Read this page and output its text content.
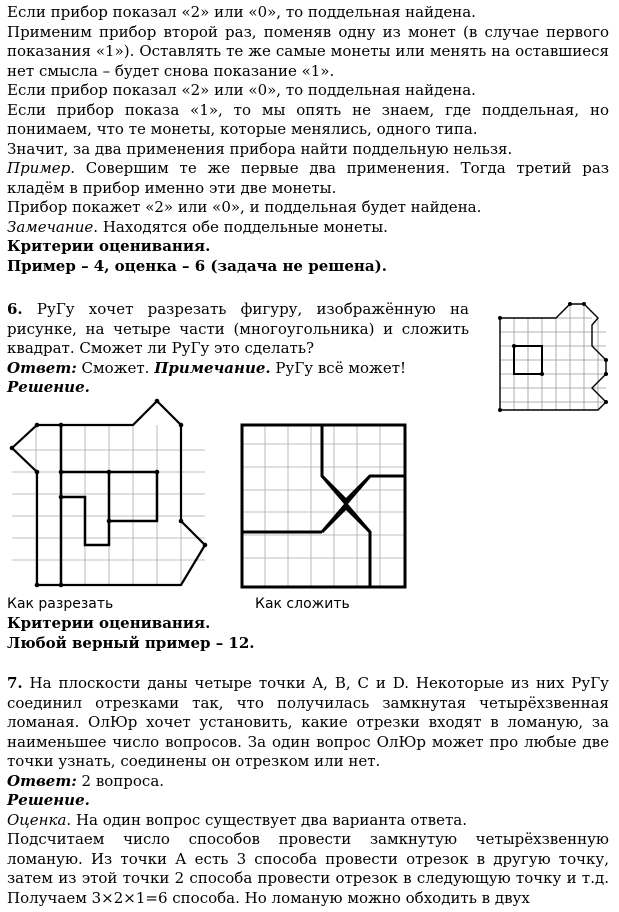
Если прибор показал «2» или «0», то поддельная найдена.

Применим прибор второй раз, поменяв одну из монет (в случае первого показания «1»). Оставлять те же самые монеты или менять на оставшиеся нет смысла – будет снова показание «1».

Если прибор показал «2» или «0», то поддельная найдена.

Если прибор показа «1», то мы опять не знаем, где поддельная, но понимаем, что те монеты, которые менялись, одного типа.

Значит, за два применения прибора найти поддельную нельзя.

Пример. Совершим те же первые два применения. Тогда третий раз кладём в прибор именно эти две монеты.

Прибор покажет «2» или «0», и поддельная будет найдена.

Замечание. Находятся обе поддельные монеты.

Критерии оценивания.

Пример – 4, оценка – 6 (задача не решена).

6. РуГу хочет разрезать фигуру, изображённую на рисунке, на четыре части (многоугольника) и сложить квадрат. Сможет ли РуГу это сделать?

Ответ: Сможет. Примечание. РуГу всё может!

Решение.

Как разрезать	Как сложить

Критерии оценивания.

Любой верный пример – 12.

7. На плоскости даны четыре точки A, B, C и D. Некоторые из них РуГу соединил отрезками так, что получилась замкнутая четырёхзвенная ломаная. ОлЮр хочет установить, какие отрезки входят в ломаную, за наименьшее число вопросов. За один вопрос ОлЮр может про любые две точки узнать, соединены он отрезком или нет.

Ответ: 2 вопроса.

Решение.

Оценка. На один вопрос существует два варианта ответа.

Подсчитаем число способов провести замкнутую четырёхзвенную ломаную. Из точки А есть 3 способа провести отрезок в другую точку, затем из этой точки 2 способа провести отрезок в следующую точку и т.д. Получаем 3×2×1=6 способа. Но ломаную можно обходить в двух
